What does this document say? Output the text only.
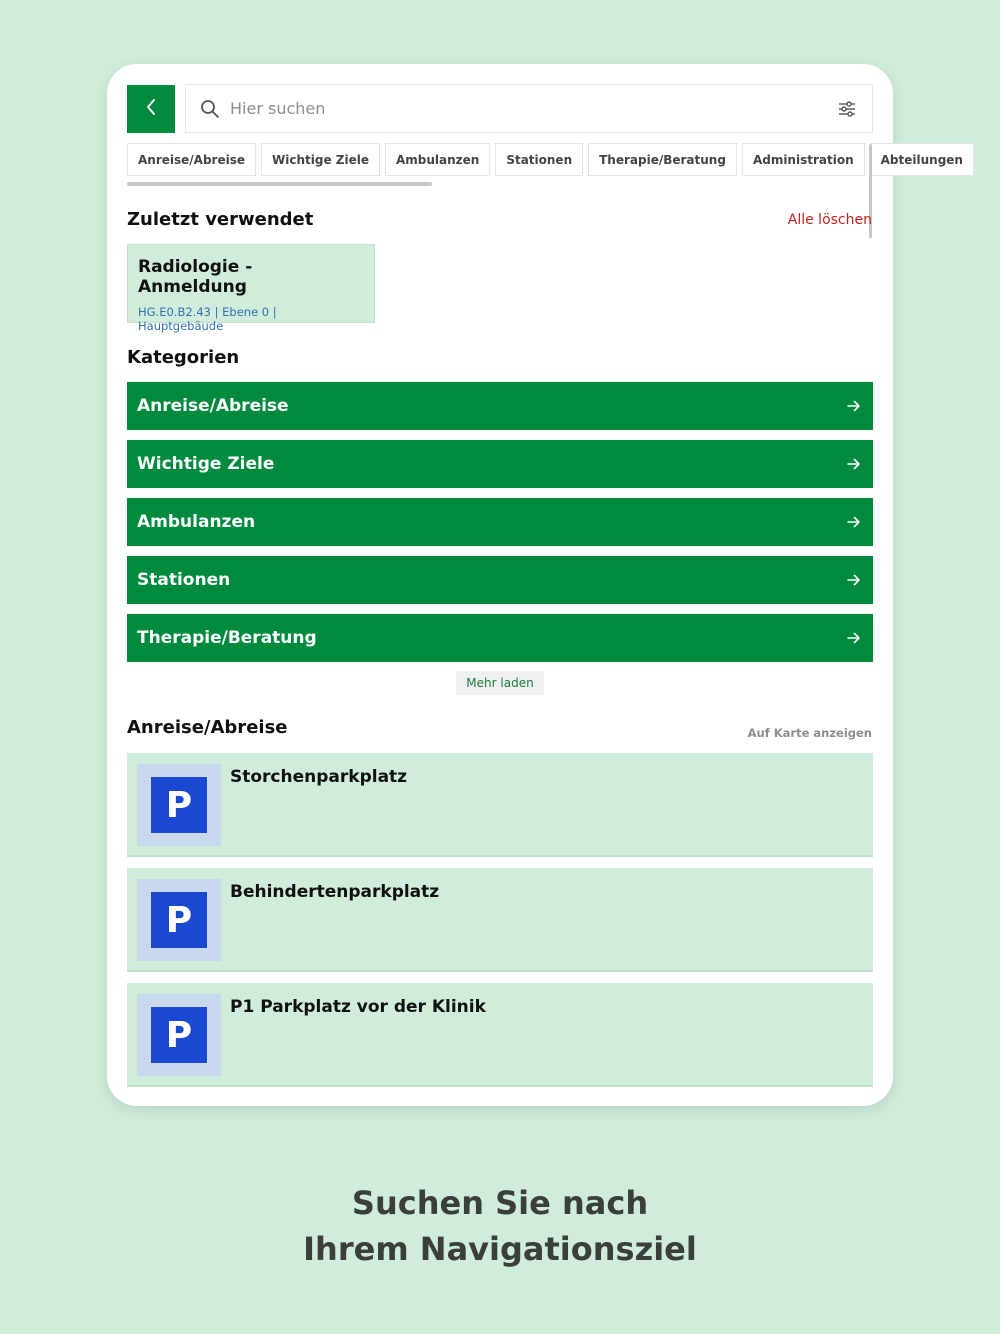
Hier suchen
Anreise/Abreise	Wichtige Ziele	Ambulanzen	Stationen	Therapie/Beratung	Administration	Abteilungen
Zuletzt verwendet	Alle löschen
Radiologie - Anmeldung
HG.E0.B2.43 | Ebene 0 | Hauptgebäude
Kategorien
Anreise/Abreise
Wichtige Ziele
Ambulanzen
Stationen
Therapie/Beratung
Mehr laden
Anreise/Abreise	Auf Karte anzeigen
P
Storchenparkplatz
P
Behindertenparkplatz
P
P1 Parkplatz vor der Klinik
Suchen Sie nach
Ihrem Navigationsziel
